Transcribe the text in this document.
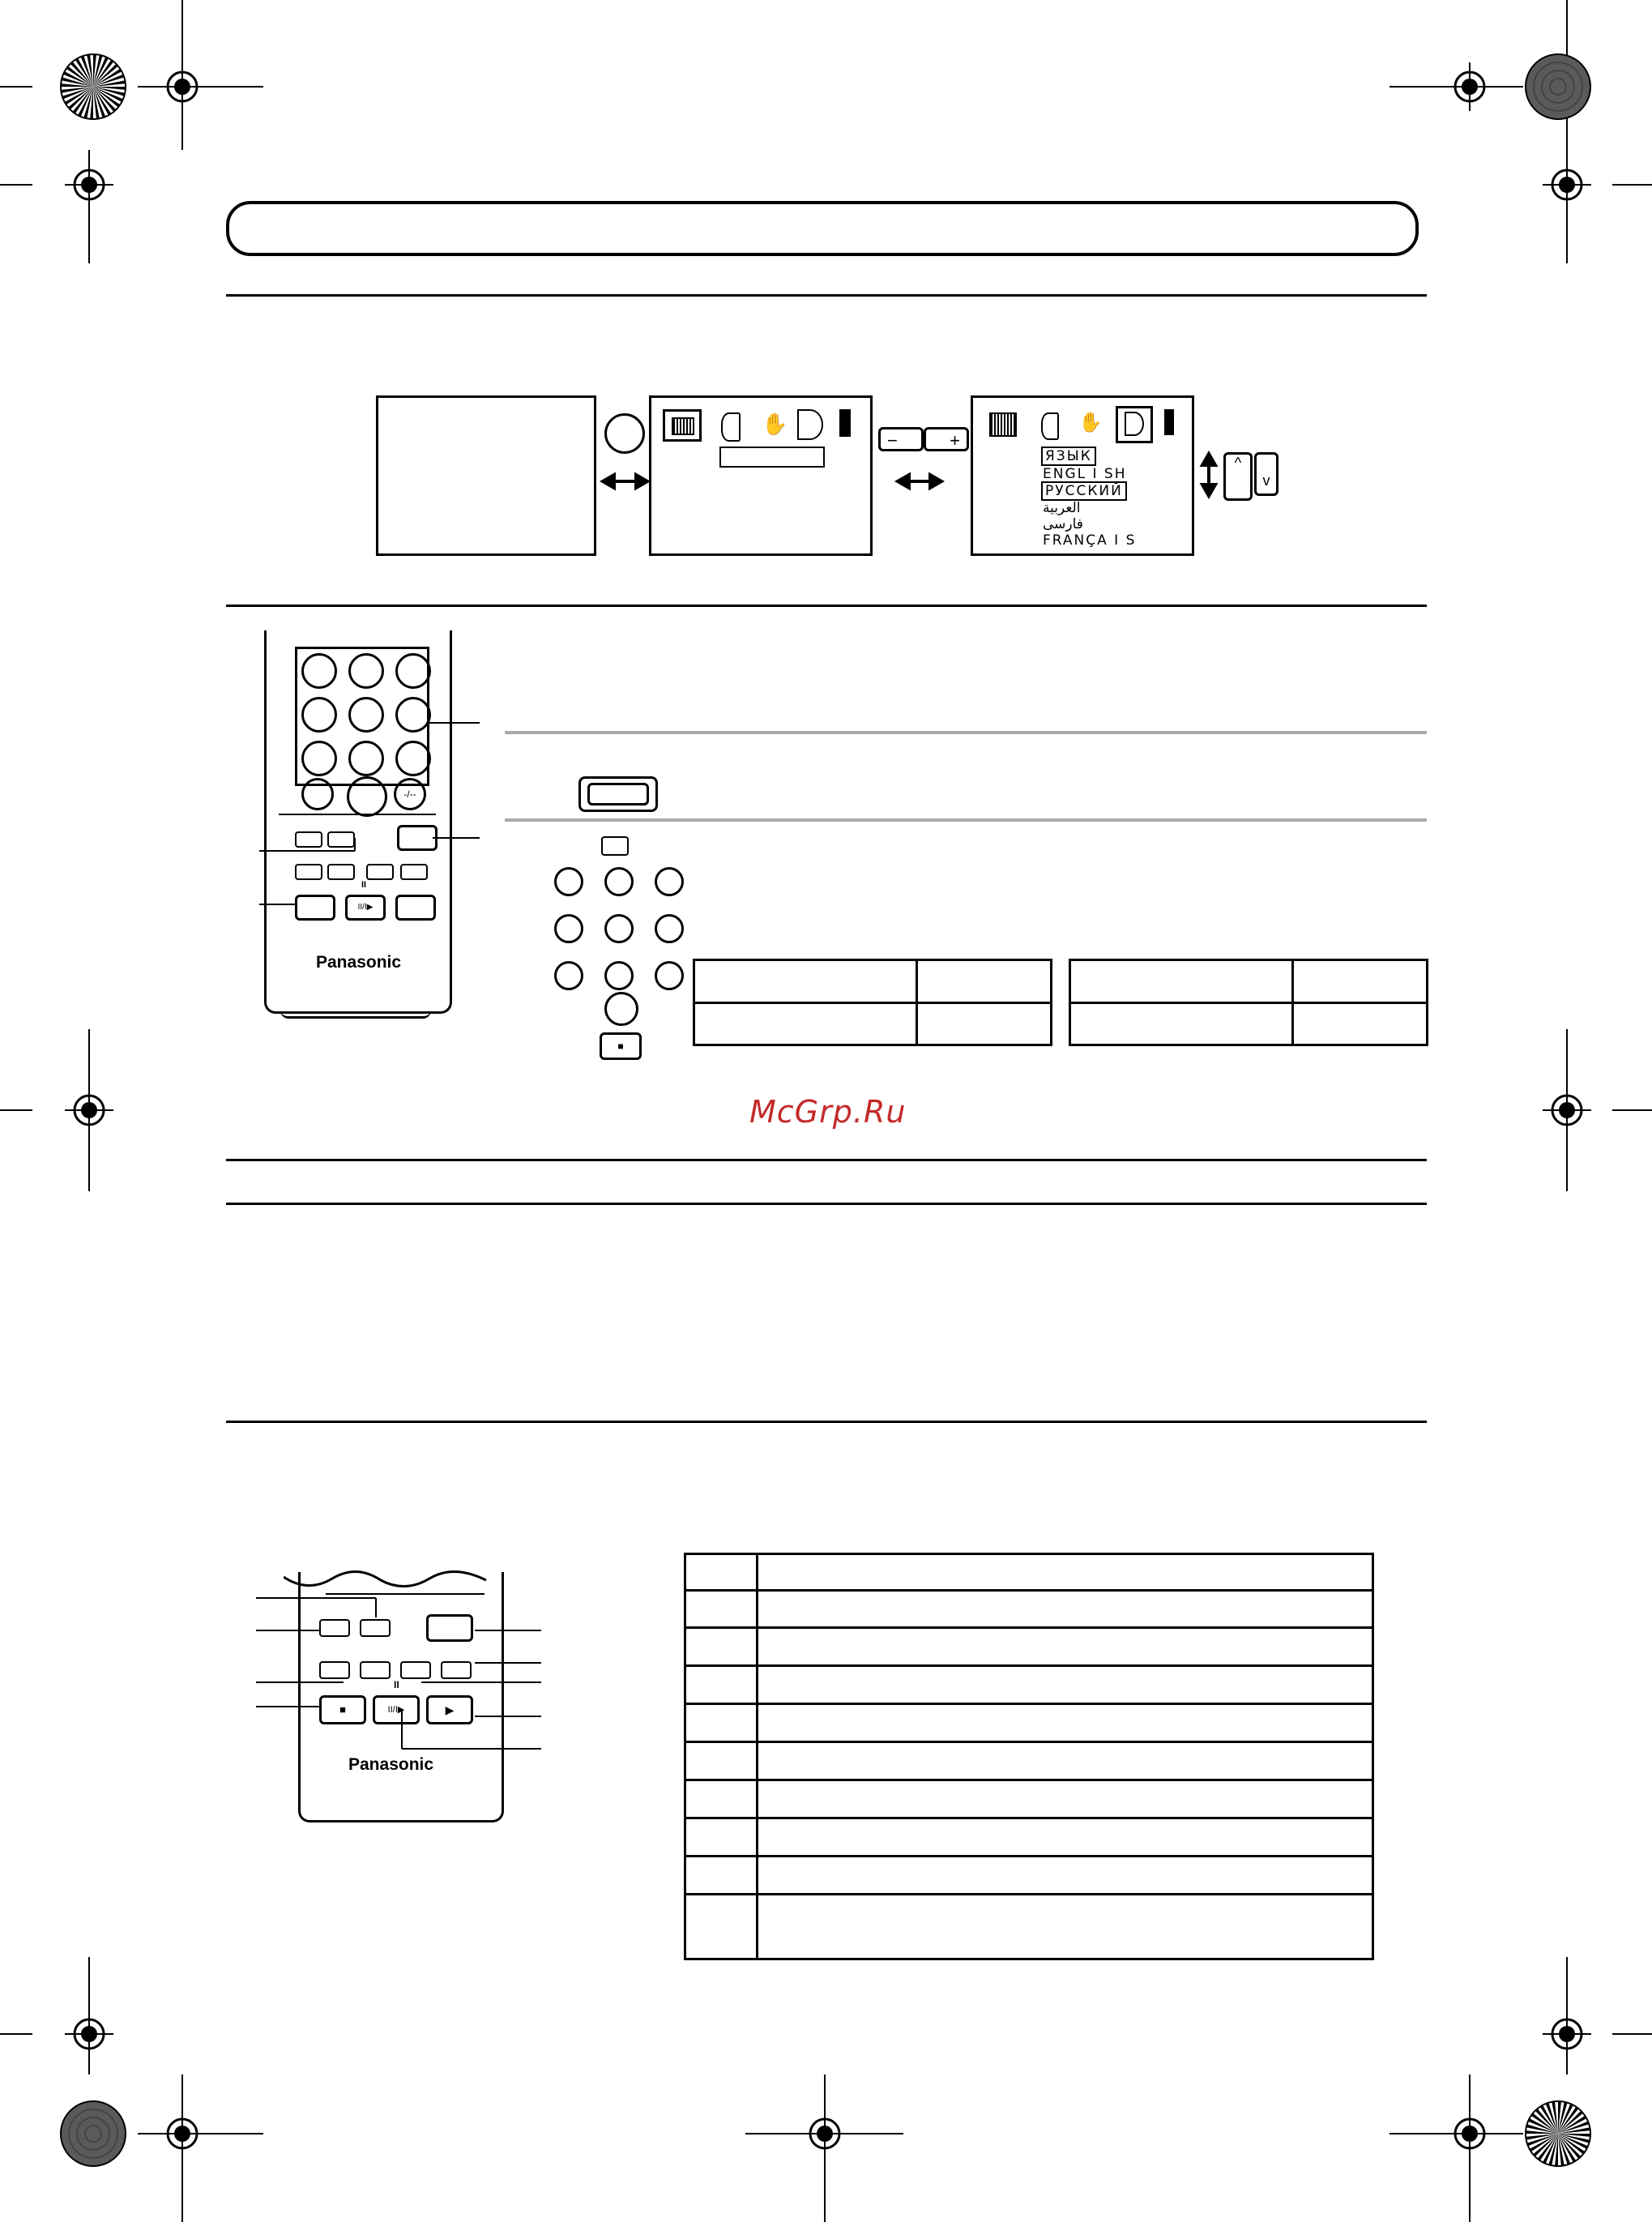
✋
−	+
✋
ЯЗЫК
ENGL I SH
РУССКИЙ
العربية
فارسی
FRANÇA I S
^
v
-/--
II
II/I▶
Panasonic
■

McGrp.Ru
II
■	II/I▶	▶
Panasonic
